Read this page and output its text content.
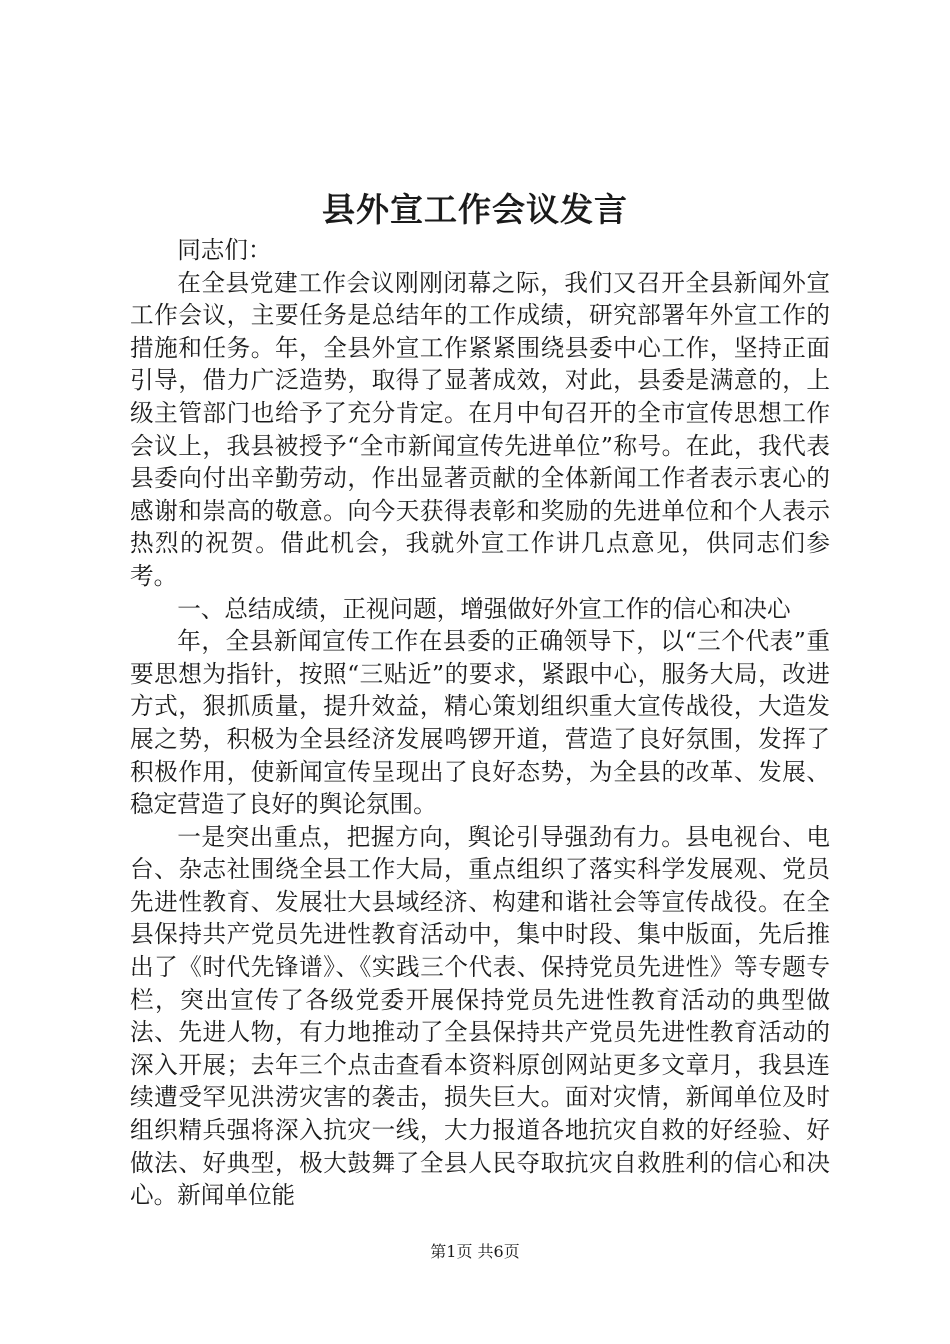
县外宣工作会议发言

同志们：

在全县党建工作会议刚刚闭幕之际，我们又召开全县新闻外宣工作会议，主要任务是总结年的工作成绩，研究部署年外宣工作的措施和任务。年，全县外宣工作紧紧围绕县委中心工作，坚持正面引导，借力广泛造势，取得了显著成效，对此，县委是满意的，上级主管部门也给予了充分肯定。在月中旬召开的全市宣传思想工作会议上，我县被授予“全市新闻宣传先进单位”称号。在此，我代表县委向付出辛勤劳动，作出显著贡献的全体新闻工作者表示衷心的感谢和崇高的敬意。向今天获得表彰和奖励的先进单位和个人表示热烈的祝贺。借此机会，我就外宣工作讲几点意见，供同志们参考。

一、总结成绩，正视问题，增强做好外宣工作的信心和决心

年，全县新闻宣传工作在县委的正确领导下，以“三个代表”重要思想为指针，按照“三贴近”的要求，紧跟中心，服务大局，改进方式，狠抓质量，提升效益，精心策划组织重大宣传战役，大造发展之势，积极为全县经济发展鸣锣开道，营造了良好氛围，发挥了积极作用，使新闻宣传呈现出了良好态势，为全县的改革、发展、稳定营造了良好的舆论氛围。

一是突出重点，把握方向，舆论引导强劲有力。县电视台、电台、杂志社围绕全县工作大局，重点组织了落实科学发展观、党员先进性教育、发展壮大县域经济、构建和谐社会等宣传战役。在全县保持共产党员先进性教育活动中，集中时段、集中版面，先后推出了《时代先锋谱》、《实践三个代表、保持党员先进性》等专题专栏，突出宣传了各级党委开展保持党员先进性教育活动的典型做法、先进人物，有力地推动了全县保持共产党员先进性教育活动的深入开展；去年三个点击查看本资料原创网站更多文章月，我县连续遭受罕见洪涝灾害的袭击，损失巨大。面对灾情，新闻单位及时组织精兵强将深入抗灾一线，大力报道各地抗灾自救的好经验、好做法、好典型，极大鼓舞了全县人民夺取抗灾自救胜利的信心和决心。新闻单位能

第1页 共6页
